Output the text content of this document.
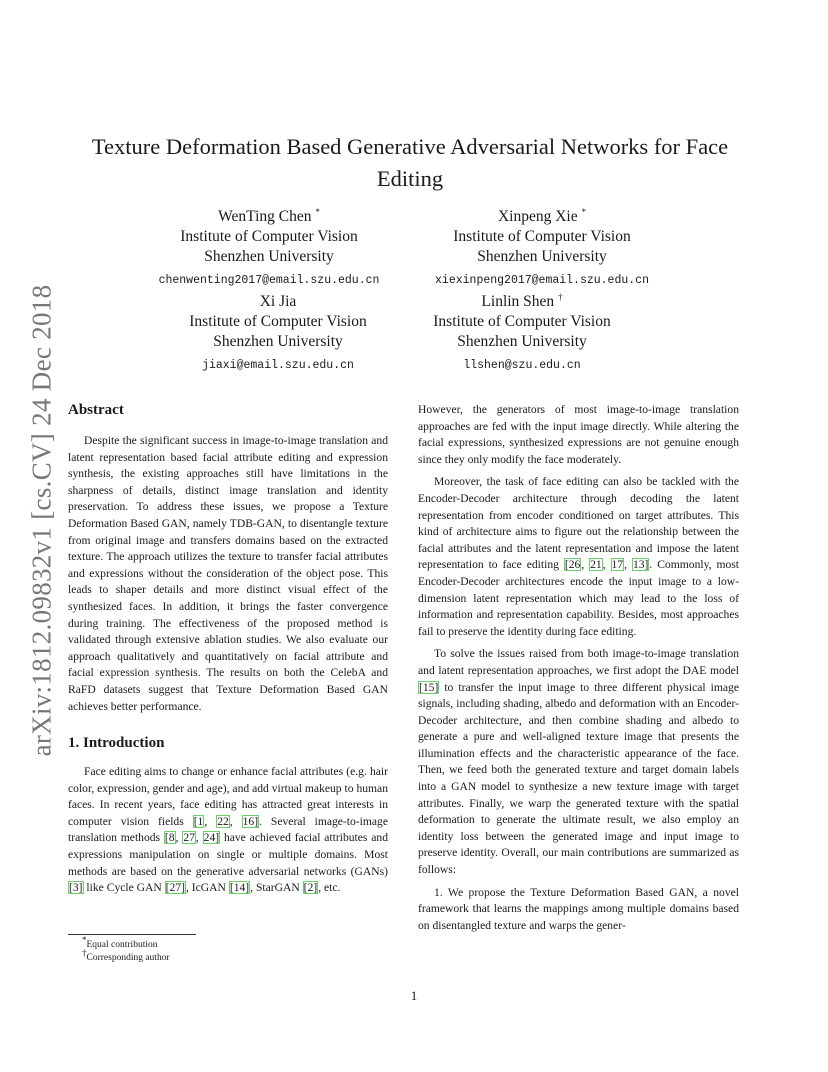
arXiv:1812.09832v1 [cs.CV] 24 Dec 2018
Texture Deformation Based Generative Adversarial Networks for Face Editing
WenTing Chen *
Institute of Computer Vision
Shenzhen University
chenwenting2017@email.szu.edu.cn
Xinpeng Xie *
Institute of Computer Vision
Shenzhen University
xiexinpeng2017@email.szu.edu.cn
Xi Jia
Institute of Computer Vision
Shenzhen University
jiaxi@email.szu.edu.cn
Linlin Shen †
Institute of Computer Vision
Shenzhen University
llshen@szu.edu.cn
Abstract

Despite the significant success in image-to-image translation and latent representation based facial attribute editing and expression synthesis, the existing approaches still have limitations in the sharpness of details, distinct image translation and identity preservation. To address these issues, we propose a Texture Deformation Based GAN, namely TDB-GAN, to disentangle texture from original image and transfers domains based on the extracted texture. The approach utilizes the texture to transfer facial attributes and expressions without the consideration of the object pose. This leads to shaper details and more distinct visual effect of the synthesized faces. In addition, it brings the faster convergence during training. The effectiveness of the proposed method is validated through extensive ablation studies. We also evaluate our approach qualitatively and quantitatively on facial attribute and facial expression synthesis. The results on both the CelebA and RaFD datasets suggest that Texture Deformation Based GAN achieves better performance.

1. Introduction

Face editing aims to change or enhance facial attributes (e.g. hair color, expression, gender and age), and add virtual makeup to human faces. In recent years, face editing has attracted great interests in computer vision fields [1, 22, 16]. Several image-to-image translation methods [8, 27, 24] have achieved facial attributes and expressions manipulation on single or multiple domains. Most methods are based on the generative adversarial networks (GANs) [3] like Cycle GAN [27], IcGAN [14], StarGAN [2], etc.

*Equal contribution
†Corresponding author

However, the generators of most image-to-image translation approaches are fed with the input image directly. While altering the facial expressions, synthesized expressions are not genuine enough since they only modify the face moderately.

Moreover, the task of face editing can also be tackled with the Encoder-Decoder architecture through decoding the latent representation from encoder conditioned on target attributes. This kind of architecture aims to figure out the relationship between the facial attributes and the latent representation and impose the latent representation to face editing [26, 21, 17, 13]. Commonly, most Encoder-Decoder architectures encode the input image to a low-dimension latent representation which may lead to the loss of information and representation capability. Besides, most approaches fail to preserve the identity during face editing.

To solve the issues raised from both image-to-image translation and latent representation approaches, we first adopt the DAE model [15] to transfer the input image to three different physical image signals, including shading, albedo and deformation with an Encoder-Decoder architecture, and then combine shading and albedo to generate a pure and well-aligned texture image that presents the illumination effects and the characteristic appearance of the face. Then, we feed both the generated texture and target domain labels into a GAN model to synthesize a new texture image with target attributes. Finally, we warp the generated texture with the spatial deformation to generate the ultimate result, we also employ an identity loss between the generated image and input image to preserve identity. Overall, our main contributions are summarized as follows:

1. We propose the Texture Deformation Based GAN, a novel framework that learns the mappings among multiple domains based on disentangled texture and warps the gener-

1
